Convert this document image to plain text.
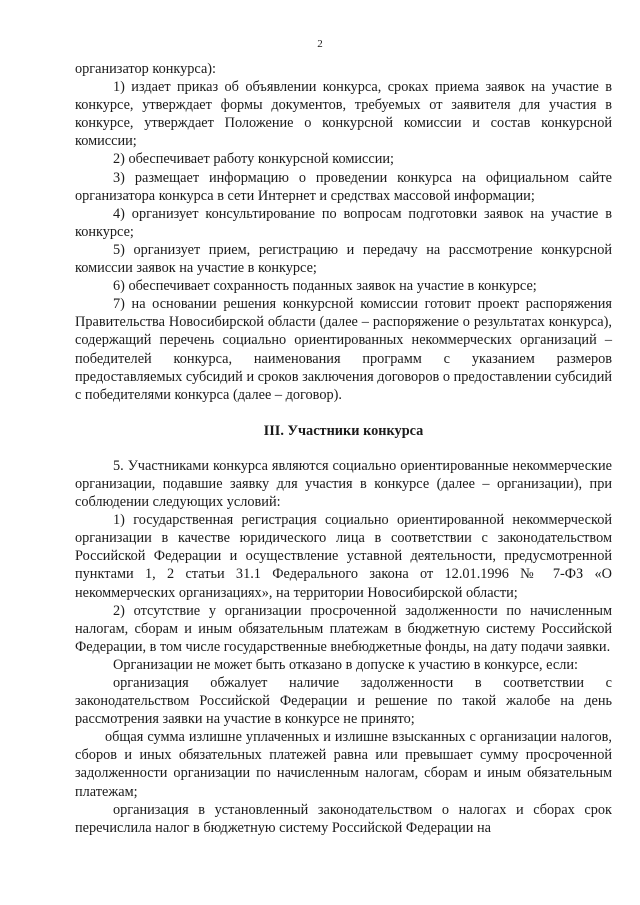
2

организатор конкурса):

1) издает приказ об объявлении конкурса, сроках приема заявок на участие в конкурсе, утверждает формы документов, требуемых от заявителя для участия в конкурсе, утверждает Положение о конкурсной комиссии и состав конкурсной комиссии;

2) обеспечивает работу конкурсной комиссии;

3) размещает информацию о проведении конкурса на официальном сайте организатора конкурса в сети Интернет и средствах массовой информации;

4) организует консультирование по вопросам подготовки заявок на участие в конкурсе;

5) организует прием, регистрацию и передачу на рассмотрение конкурсной комиссии заявок на участие в конкурсе;

6) обеспечивает сохранность поданных заявок на участие в конкурсе;

7) на основании решения конкурсной комиссии готовит проект распоряжения Правительства Новосибирской области (далее – распоряжение о результатах конкурса), содержащий перечень социально ориентированных некоммерческих организаций – победителей конкурса, наименования программ с указанием размеров предоставляемых субсидий и сроков заключения договоров о предоставлении субсидий с победителями конкурса (далее – договор).

III. Участники конкурса

5. Участниками конкурса являются социально ориентированные некоммерческие организации, подавшие заявку для участия в конкурсе (далее – организации), при соблюдении следующих условий:

1) государственная регистрация социально ориентированной некоммерческой организации в качестве юридического лица в соответствии с законодательством Российской Федерации и осуществление уставной деятельности, предусмотренной пунктами 1, 2 статьи 31.1 Федерального закона от 12.01.1996 № 7-ФЗ «О некоммерческих организациях», на территории Новосибирской области;

2) отсутствие у организации просроченной задолженности по начисленным налогам, сборам и иным обязательным платежам в бюджетную систему Российской Федерации, в том числе государственные внебюджетные фонды, на дату подачи заявки.

Организации не может быть отказано в допуске к участию в конкурсе, если:

организация обжалует наличие задолженности в соответствии с законодательством Российской Федерации и решение по такой жалобе на день рассмотрения заявки на участие в конкурсе не принято;

общая сумма излишне уплаченных и излишне взысканных с организации налогов, сборов и иных обязательных платежей равна или превышает сумму просроченной задолженности организации по начисленным налогам, сборам и иным обязательным платежам;

организация в установленный законодательством о налогах и сборах срок перечислила налог в бюджетную систему Российской Федерации на
